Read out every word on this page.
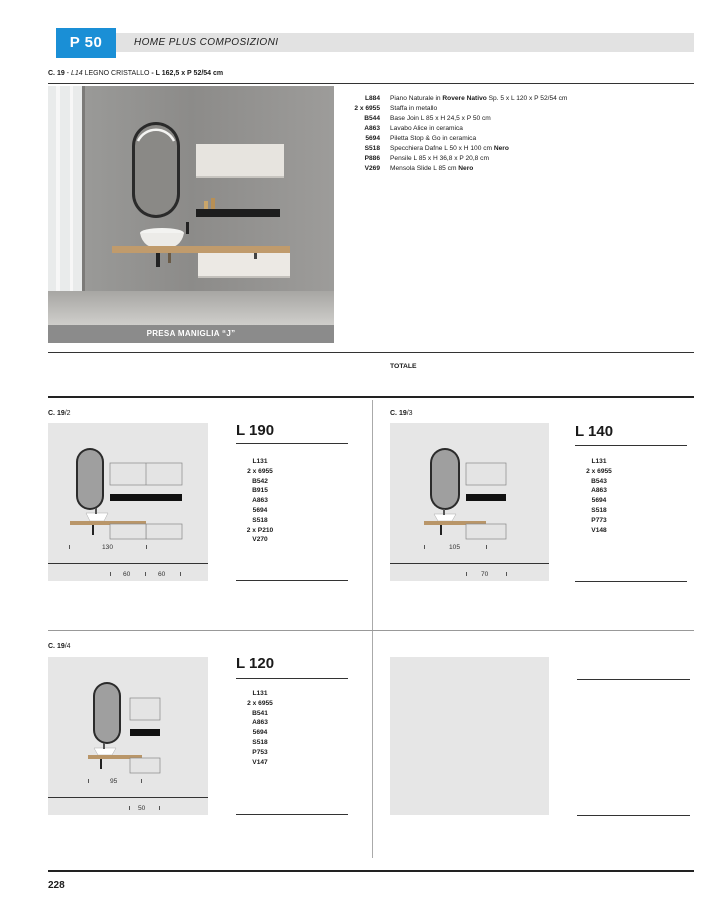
P 50	HOME PLUS COMPOSIZIONI
C. 19 - L14 LEGNO CRISTALLO - L 162,5 x P 52/54 cm
PRESA MANIGLIA “J”
L884	Piano Naturale in Rovere Nativo Sp. 5 x L 120 x P 52/54 cm
2 x 6955	Staffa in metallo
B544	Base Join L 85 x H 24,5 x P 50 cm
A863	Lavabo Alice in ceramica
5694	Piletta Stop & Go in ceramica
S518	Specchiera Dafne L 50 x H 100 cm Nero
P886	Pensile L 85 x H 36,8 x P 20,8 cm
V269	Mensola Slide L 85 cm Nero
TOTALE
C. 19/2
130
60	60
L 190
L131
2 x 6955
B542
B915
A863
5694
S518
2 x P210
V270
C. 19/3
105
70
L 140
L131
2 x 6955
B543
A863
5694
S518
P773
V148
C. 19/4
95
50
L 120
L131
2 x 6955
B541
A863
5694
S518
P753
V147
228
